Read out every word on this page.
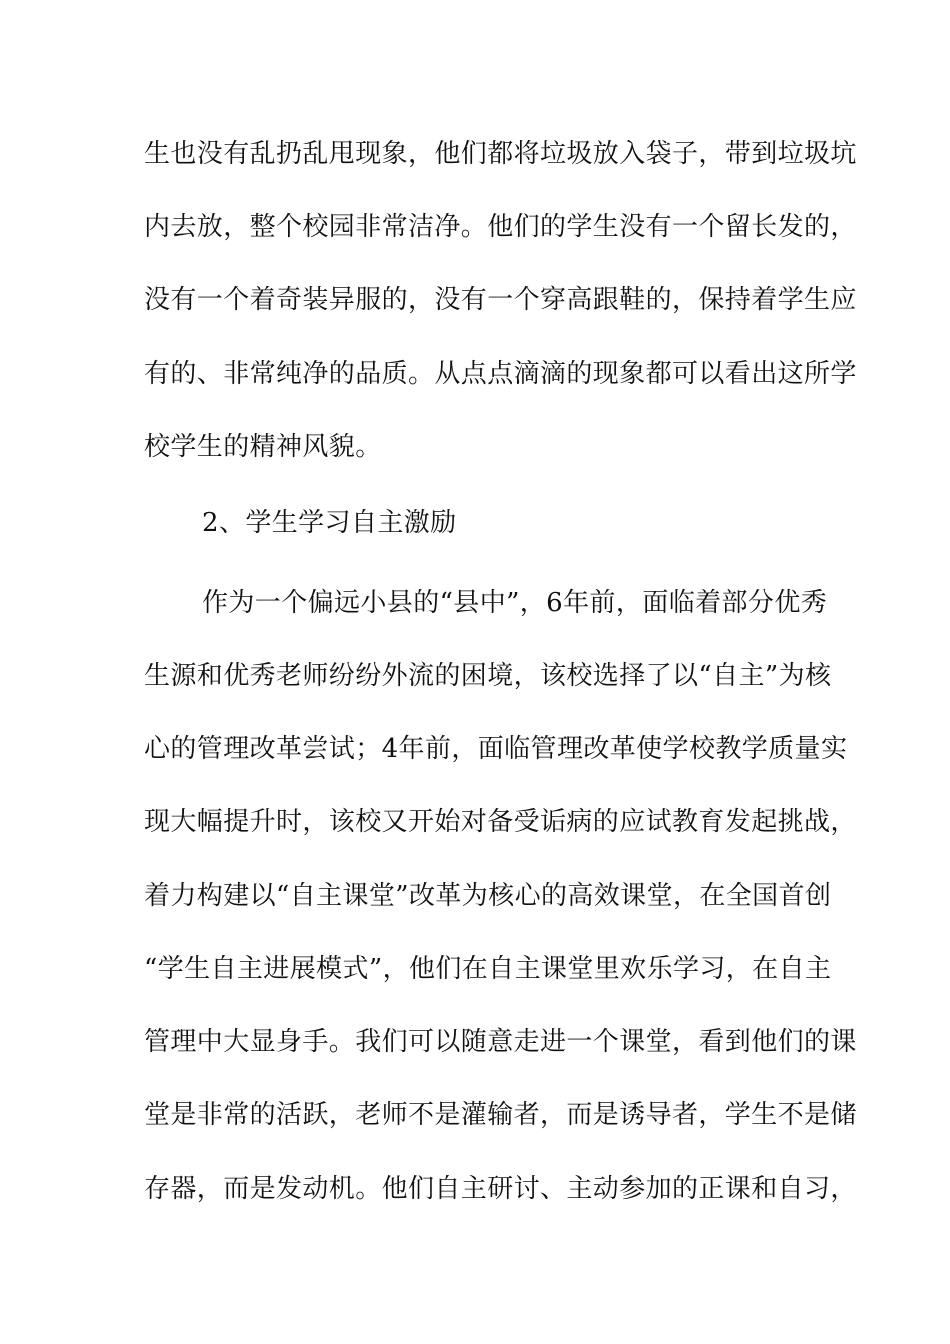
生也没有乱扔乱甩现象，他们都将垃圾放入袋子，带到垃圾坑
内去放，整个校园非常洁净。他们的学生没有一个留长发的，
没有一个着奇装异服的，没有一个穿高跟鞋的，保持着学生应
有的、非常纯净的品质。从点点滴滴的现象都可以看出这所学
校学生的精神风貌。
2、学生学习自主激励
作为一个偏远小县的“县中”，6年前，面临着部分优秀
生源和优秀老师纷纷外流的困境，该校选择了以“自主”为核
心的管理改革尝试；4年前，面临管理改革使学校教学质量实
现大幅提升时，该校又开始对备受诟病的应试教育发起挑战，
着力构建以“自主课堂”改革为核心的高效课堂，在全国首创
“学生自主进展模式”，他们在自主课堂里欢乐学习，在自主
管理中大显身手。我们可以随意走进一个课堂，看到他们的课
堂是非常的活跃，老师不是灌输者，而是诱导者，学生不是储
存器，而是发动机。他们自主研讨、主动参加的正课和自习，
